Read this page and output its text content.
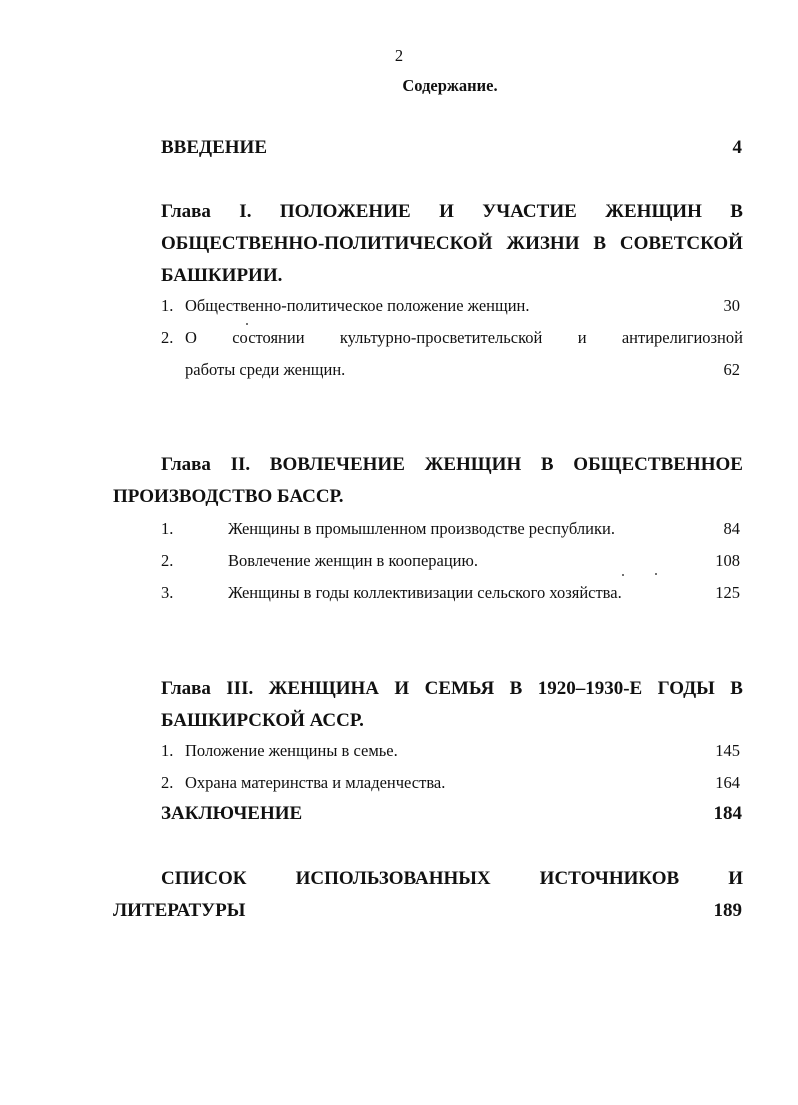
2
Содержание.
ВВЕДЕНИЕ	4
Глава I. ПОЛОЖЕНИЕ И УЧАСТИЕ ЖЕНЩИН В
ОБЩЕСТВЕННО-ПОЛИТИЧЕСКОЙ ЖИЗНИ В СОВЕТСКОЙ
БАШКИРИИ.
1. Общественно-политическое положение женщин.	30
2. О состоянии культурно-просветительской и антирелигиозной
работы среди женщин.	62
Глава II. ВОВЛЕЧЕНИЕ ЖЕНЩИН В ОБЩЕСТВЕННОЕ
ПРОИЗВОДСТВО БАССР.
1.	Женщины в промышленном производстве республики.	84
2.	Вовлечение женщин в кооперацию.	108
3.	Женщины в годы коллективизации сельского хозяйства.	125
Глава III. ЖЕНЩИНА И СЕМЬЯ В 1920–1930-Е ГОДЫ В
БАШКИРСКОЙ АССР.
1. Положение женщины в семье.	145
2. Охрана материнства и младенчества.	164
ЗАКЛЮЧЕНИЕ	184
СПИСОК	ИСПОЛЬЗОВАННЫХ	ИСТОЧНИКОВ	И
ЛИТЕРАТУРЫ	189
